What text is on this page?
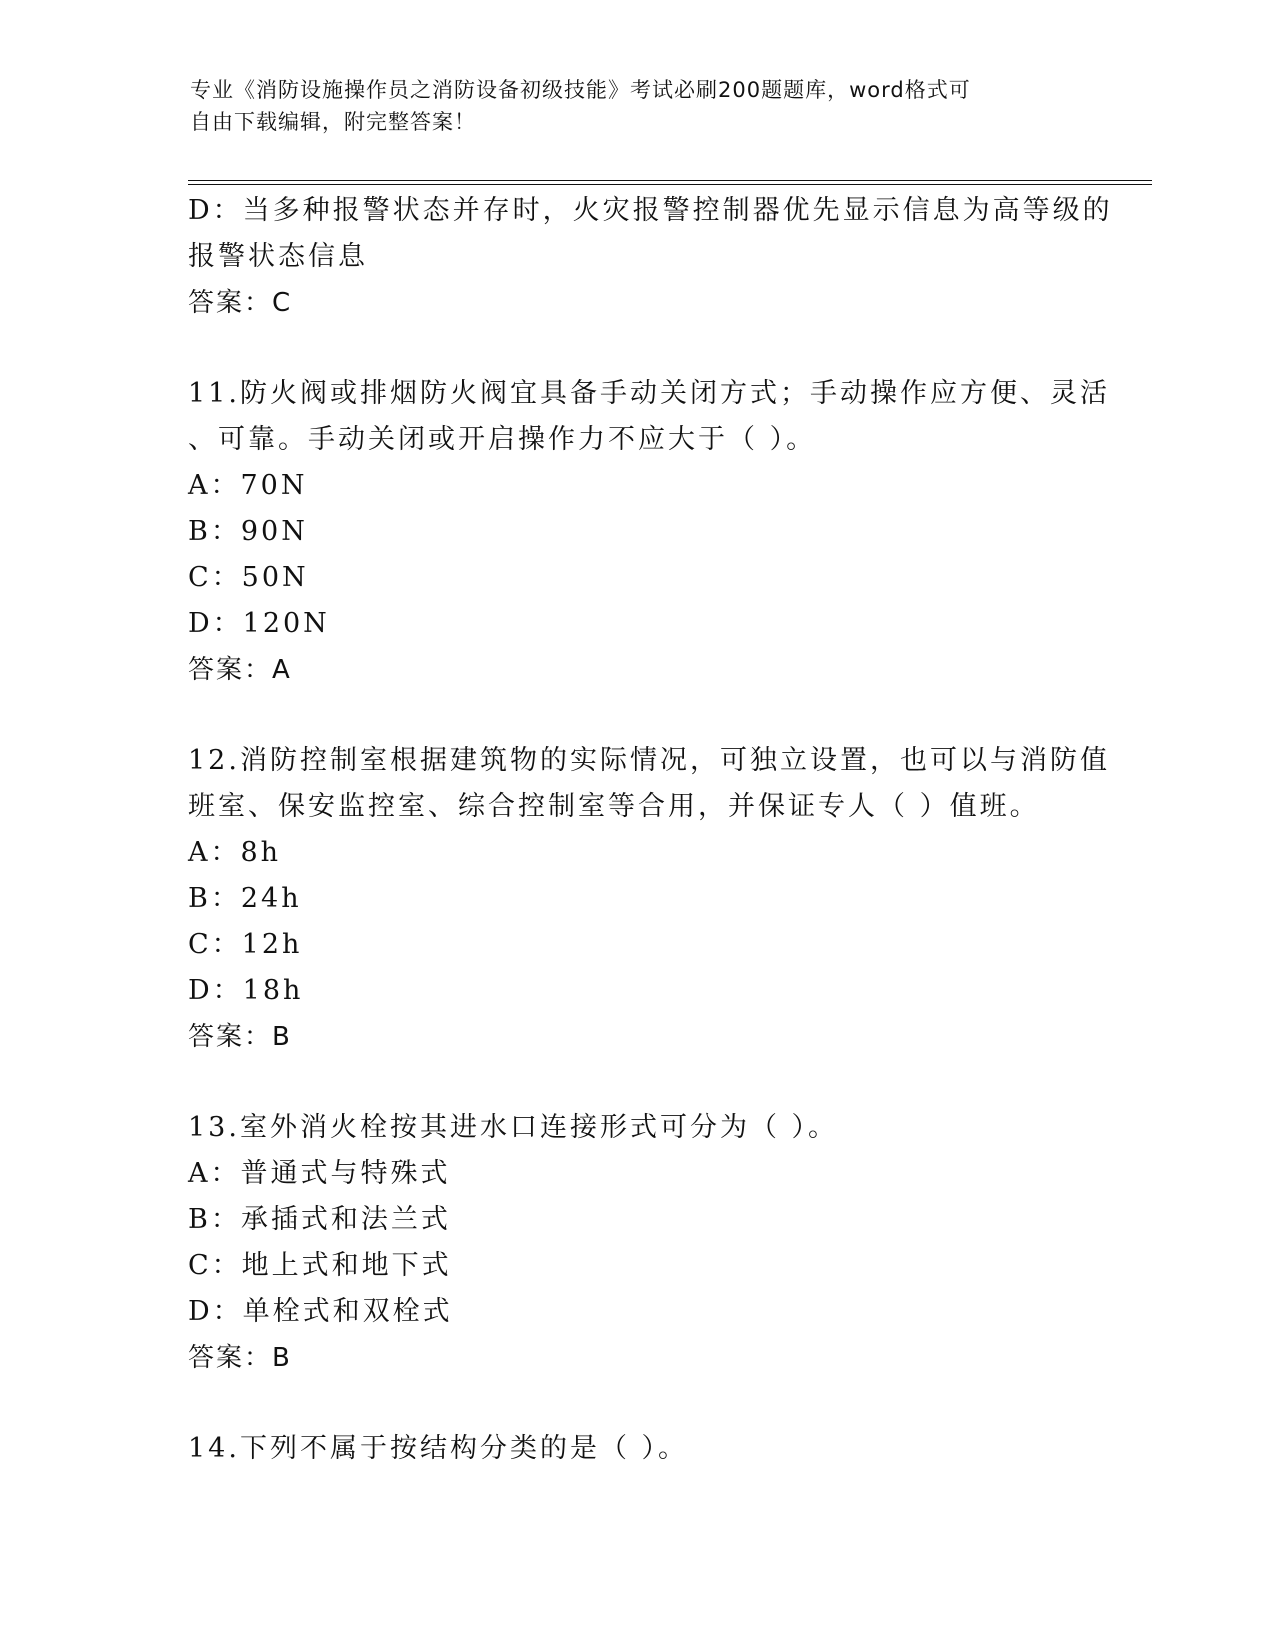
专业《消防设施操作员之消防设备初级技能》考试必刷200题题库，word格式可
自由下载编辑，附完整答案！
D：当多种报警状态并存时，火灾报警控制器优先显示信息为高等级的
报警状态信息
答案：C
11.防火阀或排烟防火阀宜具备手动关闭方式；手动操作应方便、灵活
、可靠。手动关闭或开启操作力不应大于（ ）。
A：70N
B：90N
C：50N
D：120N
答案：A
12.消防控制室根据建筑物的实际情况，可独立设置，也可以与消防值
班室、保安监控室、综合控制室等合用，并保证专人（ ）值班。
A：8h
B：24h
C：12h
D：18h
答案：B
13.室外消火栓按其进水口连接形式可分为（ ）。
A：普通式与特殊式
B：承插式和法兰式
C：地上式和地下式
D：单栓式和双栓式
答案：B
14.下列不属于按结构分类的是（ ）。
